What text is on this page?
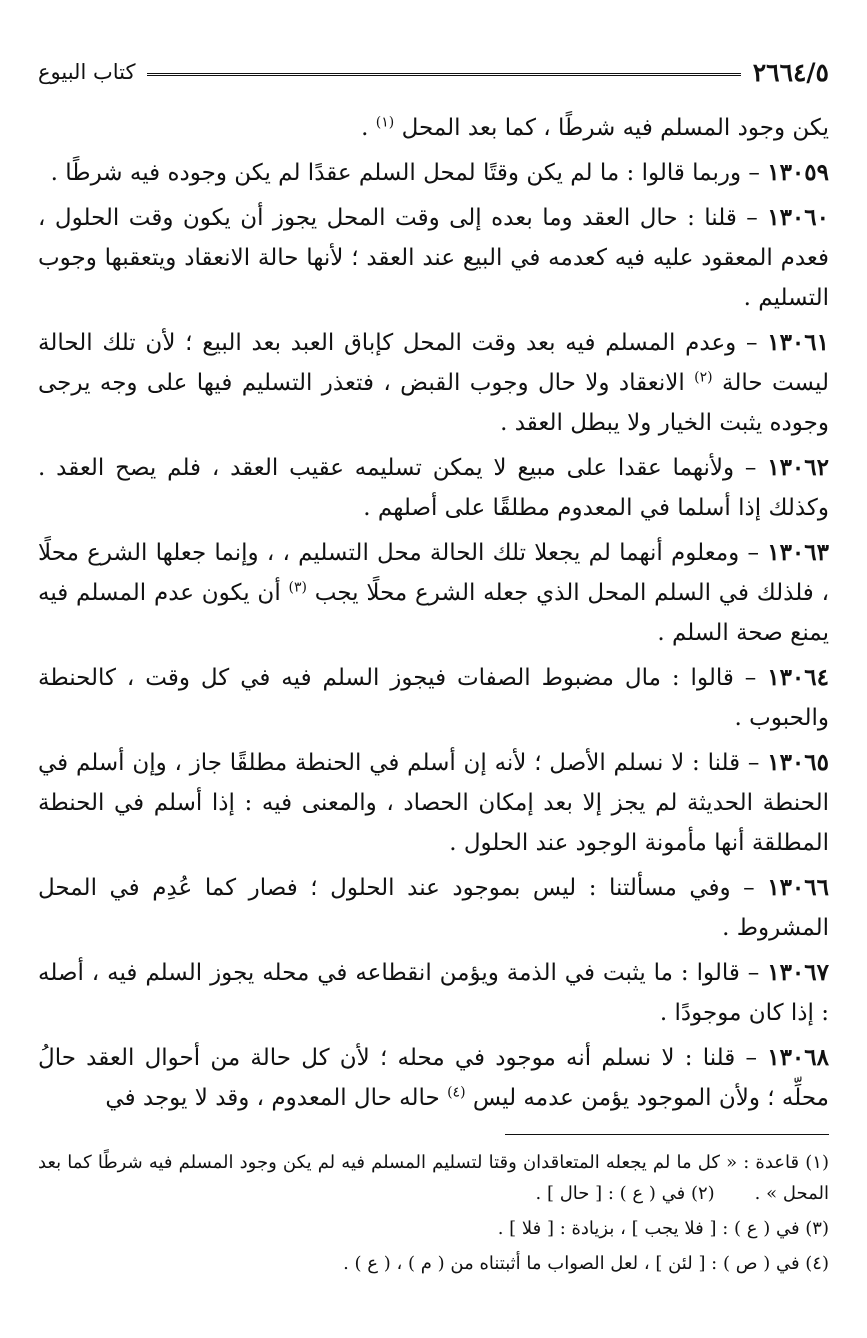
٢٦٦٤/٥
كتاب البيوع

يكن وجود المسلم فيه شرطًا ، كما بعد المحل $^{(١)}$ .

١٣٠٥٩ – وربما قالوا : ما لم يكن وقتًا لمحل السلم عقدًا لم يكن وجوده فيه شرطًا .

١٣٠٦٠ – قلنا : حال العقد وما بعده إلى وقت المحل يجوز أن يكون وقت الحلول ، فعدم المعقود عليه فيه كعدمه في البيع عند العقد ؛ لأنها حالة الانعقاد ويتعقبها وجوب التسليم .

١٣٠٦١ – وعدم المسلم فيه بعد وقت المحل كإباق العبد بعد البيع ؛ لأن تلك الحالة ليست حالة $^{(٢)}$ الانعقاد ولا حال وجوب القبض ، فتعذر التسليم فيها على وجه يرجى وجوده يثبت الخيار ولا يبطل العقد .

١٣٠٦٢ – ولأنهما عقدا على مبيع لا يمكن تسليمه عقيب العقد ، فلم يصح العقد . وكذلك إذا أسلما في المعدوم مطلقًا على أصلهم .

١٣٠٦٣ – ومعلوم أنهما لم يجعلا تلك الحالة محل التسليم ، ، وإنما جعلها الشرع محلًا ، فلذلك في السلم المحل الذي جعله الشرع محلًا يجب $^{(٣)}$ أن يكون عدم المسلم فيه يمنع صحة السلم .

١٣٠٦٤ – قالوا : مال مضبوط الصفات فيجوز السلم فيه في كل وقت ، كالحنطة والحبوب .

١٣٠٦٥ – قلنا : لا نسلم الأصل ؛ لأنه إن أسلم في الحنطة مطلقًا جاز ، وإن أسلم في الحنطة الحديثة لم يجز إلا بعد إمكان الحصاد ، والمعنى فيه : إذا أسلم في الحنطة المطلقة أنها مأمونة الوجود عند الحلول .

١٣٠٦٦ – وفي مسألتنا : ليس بموجود عند الحلول ؛ فصار كما عُدِم في المحل المشروط .

١٣٠٦٧ – قالوا : ما يثبت في الذمة ويؤمن انقطاعه في محله يجوز السلم فيه ، أصله : إذا كان موجودًا .

١٣٠٦٨ – قلنا : لا نسلم أنه موجود في محله ؛ لأن كل حالة من أحوال العقد حالُ محلِّه ؛ ولأن الموجود يؤمن عدمه ليس $^{(٤)}$ حاله حال المعدوم ، وقد لا يوجد في

(١) قاعدة : « كل ما لم يجعله المتعاقدان وقتا لتسليم المسلم فيه لم يكن وجود المسلم فيه شرطًا كما بعد المحل » .(٢) في ( ع ) : [ حال ] .

(٣) في ( ع ) : [ فلا يجب ] ، بزيادة : [ فلا ] .

(٤) في ( ص ) : [ لئن ] ، لعل الصواب ما أثبتناه من ( م ) ، ( ع ) .
